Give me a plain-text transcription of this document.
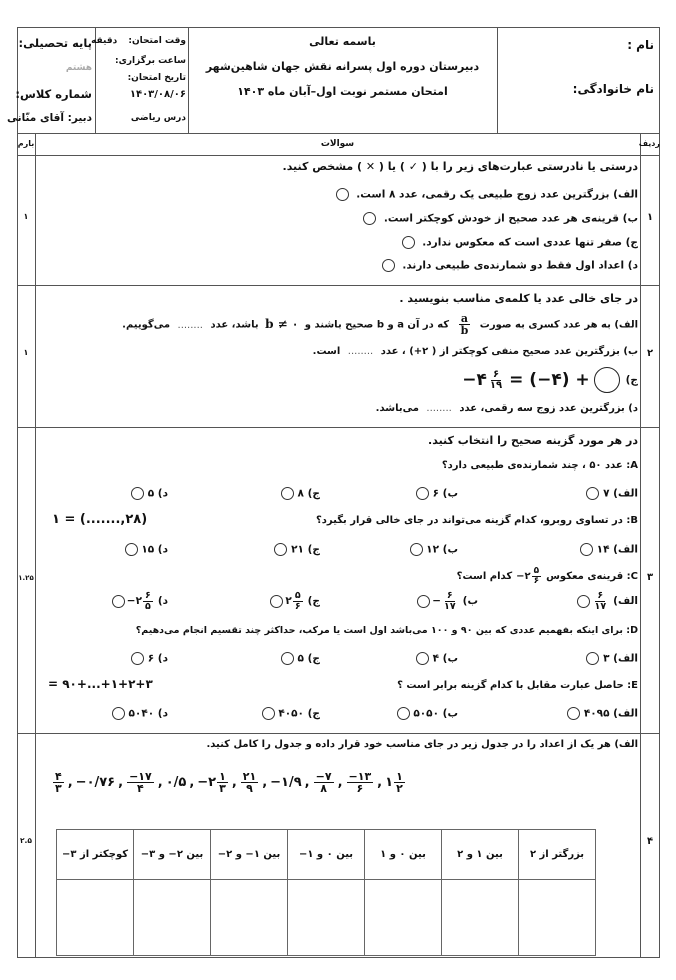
نام :
نام خانوادگی:
باسمه تعالی
دبیرستان دوره اول پسرانه نقش جهان شاهین‌شهر
امتحان مستمر نوبت اول–آبان ماه ۱۴۰۳
وقت امتحان: دقیقه
ساعت برگزاری:
تاریخ امتحان:
۱۴۰۳/۰۸/۰۶
درس ریاضی
پایه تحصیلی:
هشتم
شماره کلاس:
دبیر: آقای منّانی
ردیف
سوالات
بارم
۱
۱
درستی یا نادرستی عبارت‌های زیر را با ( ✓ ) یا ( ✕ ) مشخص کنید.
الف) بزرگترین عدد زوج طبیعی یک رقمی، عدد ۸ است.
ب) قرینه‌ی هر عدد صحیح از خودش کوچکتر است.
ج) صفر تنها عددی است که معکوس ندارد.
د) اعداد اول فقط دو شمارنده‌ی طبیعی دارند.
۲
۱
در جای خالی عدد یا کلمه‌ی مناسب بنویسید .
الف) به هر عدد کسری به صورت
$\frac{a}{b}$
که در آن a و b صحیح باشند و b ≠ ۰ باشد، عدد ........ می‌گوییم.
ب) بزرگترین عدد صحیح منفی کوچکتر از ( ۲+) ، عدد ........ است.
ج)
−۴ $\frac{۶}{۱۹}$ = (−۴) +
د) بزرگترین عدد زوج سه رقمی، عدد ........ می‌باشد.
۳
۱.۲۵
در هر مورد گزینه صحیح را انتخاب کنید.
A: عدد ۵۰ ، چند شمارنده‌ی طبیعی دارد؟
الف) ۷
ب) ۶
ج) ۸
د) ۵
B: در تساوی روبرو، کدام گزینه می‌تواند در جای خالی قرار بگیرد؟
(۲۸,.......) = ۱
الف) ۱۴
ب) ۱۲
ج) ۲۱
د) ۱۵
C: قرینه‌ی معکوس
−۲ $\frac{۵}{۶}$
کدام است؟
الف)
$\frac{۶}{۱۷}$
ب)
− $\frac{۶}{۱۷}$
ج)
۲ $\frac{۵}{۶}$
د)
− ۲ $\frac{۶}{۵}$
D: برای اینکه بفهمیم عددی که بین ۹۰ و ۱۰۰ می‌باشد اول است یا مرکب، حداکثر چند تقسیم انجام می‌دهیم؟
الف) ۳
ب) ۴
ج) ۵
د) ۶
E: حاصل عبارت مقابل با کدام گزینه برابر است ؟
۱+۲+۳+...+۹۰ =
الف) ۴۰۹۵
ب) ۵۰۵۰
ج) ۴۰۵۰
د) ۵۰۴۰
۴
۲.۵
الف) هر یک از اعداد را در جدول زیر در جای مناسب خود قرار داده و جدول را کامل کنید.
$\frac{۴}{۳}$ , −۰/۷۶ , $\frac{-۱۷}{۴}$ , ۰/۵ , −۲ $\frac{۱}{۳}$ , $\frac{۲۱}{۹}$ , −۱/۹ , $\frac{-۷}{۸}$ , $\frac{-۱۳}{۶}$ , ۱ $\frac{۱}{۲}$
کوچکتر از ۳−	بین ۲− و ۳−	بین ۱− و ۲−	بین ۰ و ۱−	بین ۰ و ۱	بین ۱ و ۲	بزرگتر از ۲
